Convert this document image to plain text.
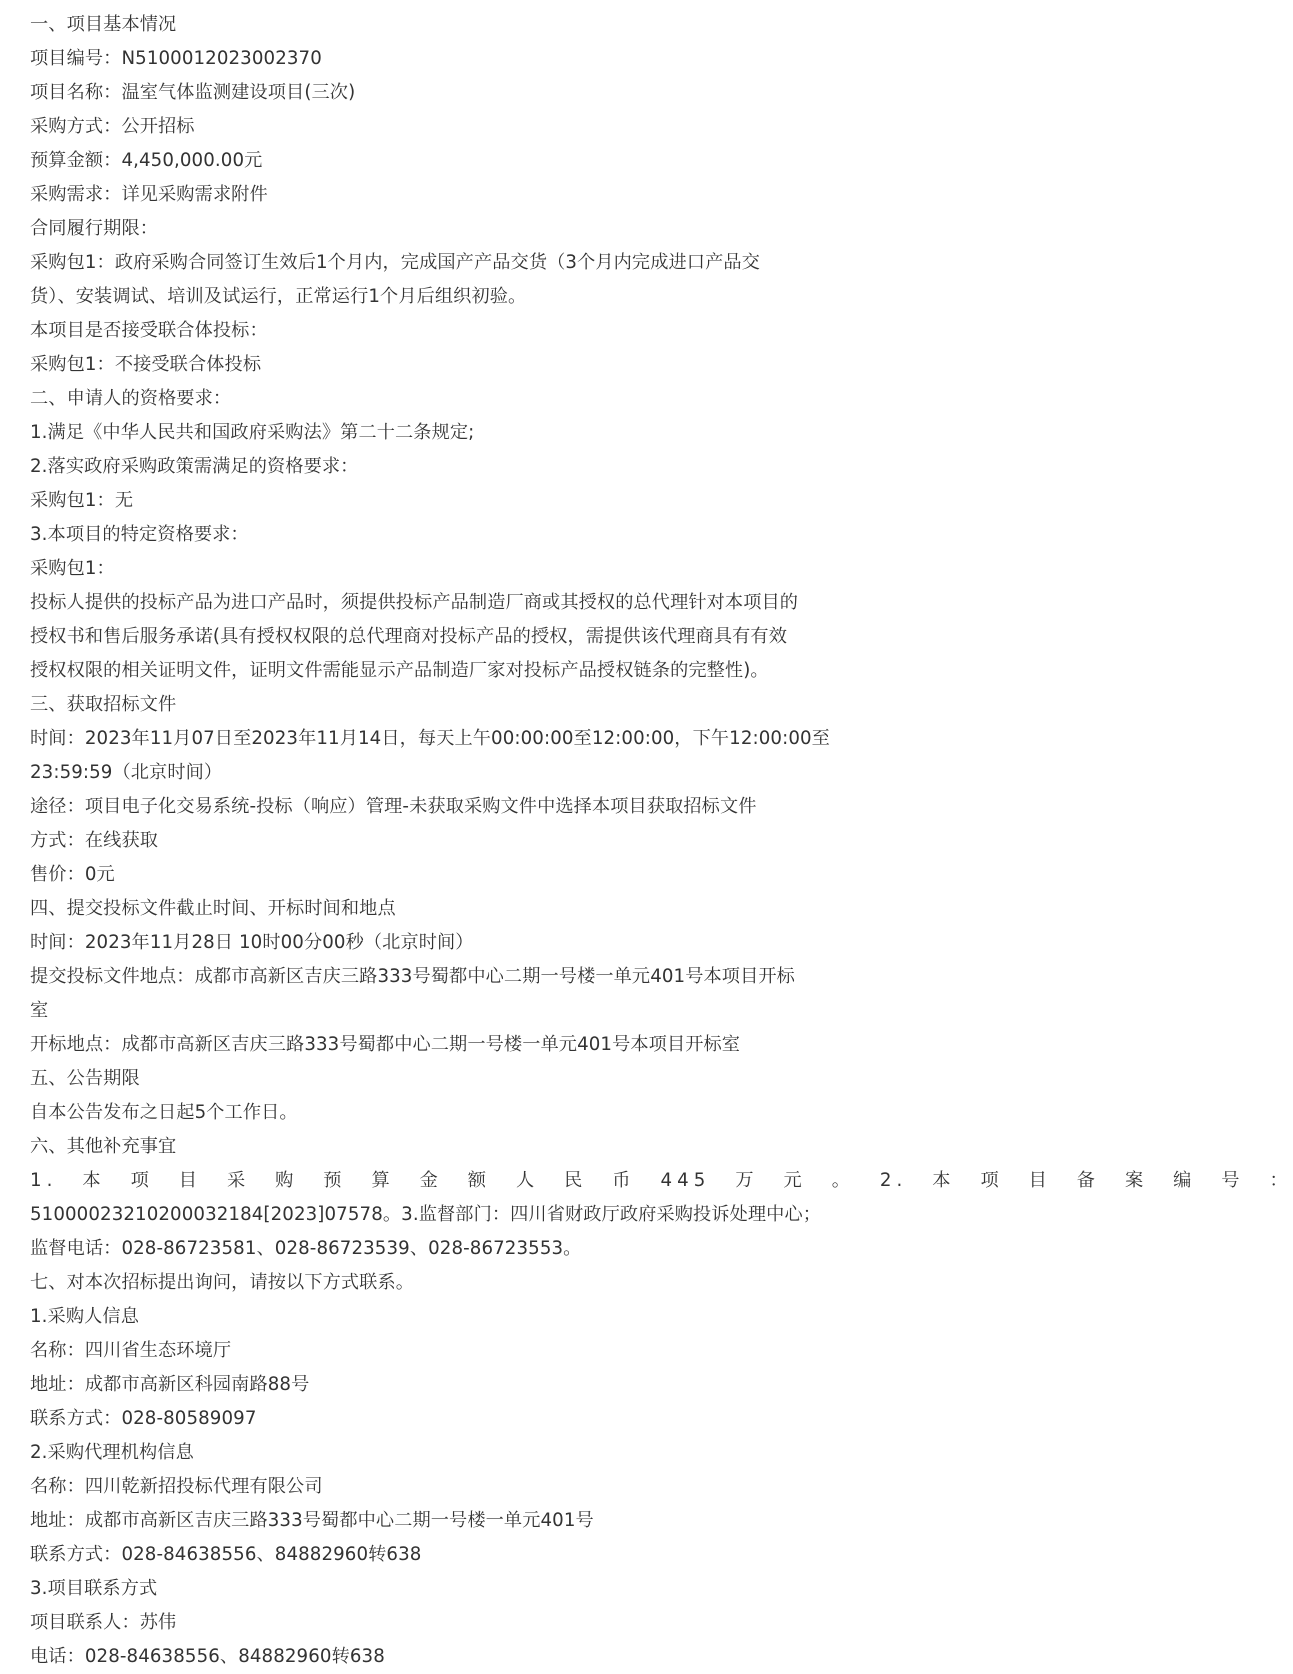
一、项目基本情况
项目编号：N5100012023002370
项目名称：温室气体监测建设项目(三次)
采购方式：公开招标
预算金额：4,450,000.00元
采购需求：详见采购需求附件
合同履行期限：
采购包1：政府采购合同签订生效后1个月内，完成国产产品交货（3个月内完成进口产品交
货）、安装调试、培训及试运行，正常运行1个月后组织初验。
本项目是否接受联合体投标：
采购包1：不接受联合体投标
二、申请人的资格要求：
1.满足《中华人民共和国政府采购法》第二十二条规定;
2.落实政府采购政策需满足的资格要求：
采购包1：无
3.本项目的特定资格要求：
采购包1：
投标人提供的投标产品为进口产品时，须提供投标产品制造厂商或其授权的总代理针对本项目的
授权书和售后服务承诺(具有授权权限的总代理商对投标产品的授权，需提供该代理商具有有效
授权权限的相关证明文件，证明文件需能显示产品制造厂家对投标产品授权链条的完整性)。
三、获取招标文件
时间：2023年11月07日至2023年11月14日，每天上午00:00:00至12:00:00，下午12:00:00至
23:59:59（北京时间）
途径：项目电子化交易系统-投标（响应）管理-未获取采购文件中选择本项目获取招标文件
方式：在线获取
售价：0元
四、提交投标文件截止时间、开标时间和地点
时间：2023年11月28日 10时00分00秒（北京时间）
提交投标文件地点：成都市高新区吉庆三路333号蜀都中心二期一号楼一单元401号本项目开标
室
开标地点：成都市高新区吉庆三路333号蜀都中心二期一号楼一单元401号本项目开标室
五、公告期限
自本公告发布之日起5个工作日。
六、其他补充事宜
1. 本 项 目 采 购 预 算 金 额 人 民 币 445 万 元 。 2. 本 项 目 备 案 编 号 ：
51000023210200032184[2023]07578。3.监督部门：四川省财政厅政府采购投诉处理中心；
监督电话：028-86723581、028-86723539、028-86723553。
七、对本次招标提出询问，请按以下方式联系。
1.采购人信息
名称：四川省生态环境厅
地址：成都市高新区科园南路88号
联系方式：028-80589097
2.采购代理机构信息
名称：四川乾新招投标代理有限公司
地址：成都市高新区吉庆三路333号蜀都中心二期一号楼一单元401号
联系方式：028-84638556、84882960转638
3.项目联系方式
项目联系人：苏伟
电话：028-84638556、84882960转638
